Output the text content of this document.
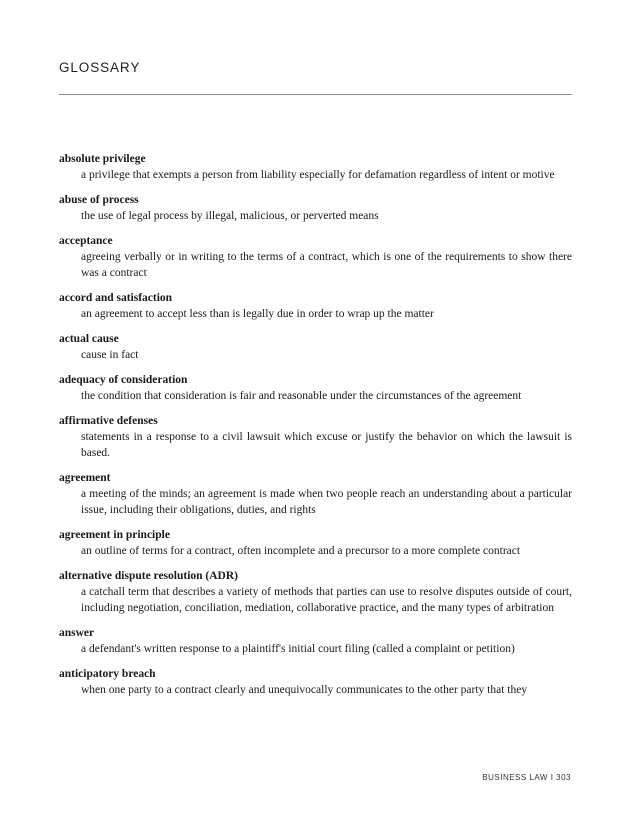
GLOSSARY

absolute privilege

a privilege that exempts a person from liability especially for defamation regardless of intent or motive

abuse of process

the use of legal process by illegal, malicious, or perverted means

acceptance

agreeing verbally or in writing to the terms of a contract, which is one of the requirements to show there was a contract

accord and satisfaction

an agreement to accept less than is legally due in order to wrap up the matter

actual cause

cause in fact

adequacy of consideration

the condition that consideration is fair and reasonable under the circumstances of the agreement

affirmative defenses

statements in a response to a civil lawsuit which excuse or justify the behavior on which the lawsuit is based.

agreement

a meeting of the minds; an agreement is made when two people reach an understanding about a particular issue, including their obligations, duties, and rights

agreement in principle

an outline of terms for a contract, often incomplete and a precursor to a more complete contract

alternative dispute resolution (ADR)

a catchall term that describes a variety of methods that parties can use to resolve disputes outside of court, including negotiation, conciliation, mediation, collaborative practice, and the many types of arbitration

answer

a defendant's written response to a plaintiff's initial court filing (called a complaint or petition)

anticipatory breach

when one party to a contract clearly and unequivocally communicates to the other party that they

BUSINESS LAW I 303
